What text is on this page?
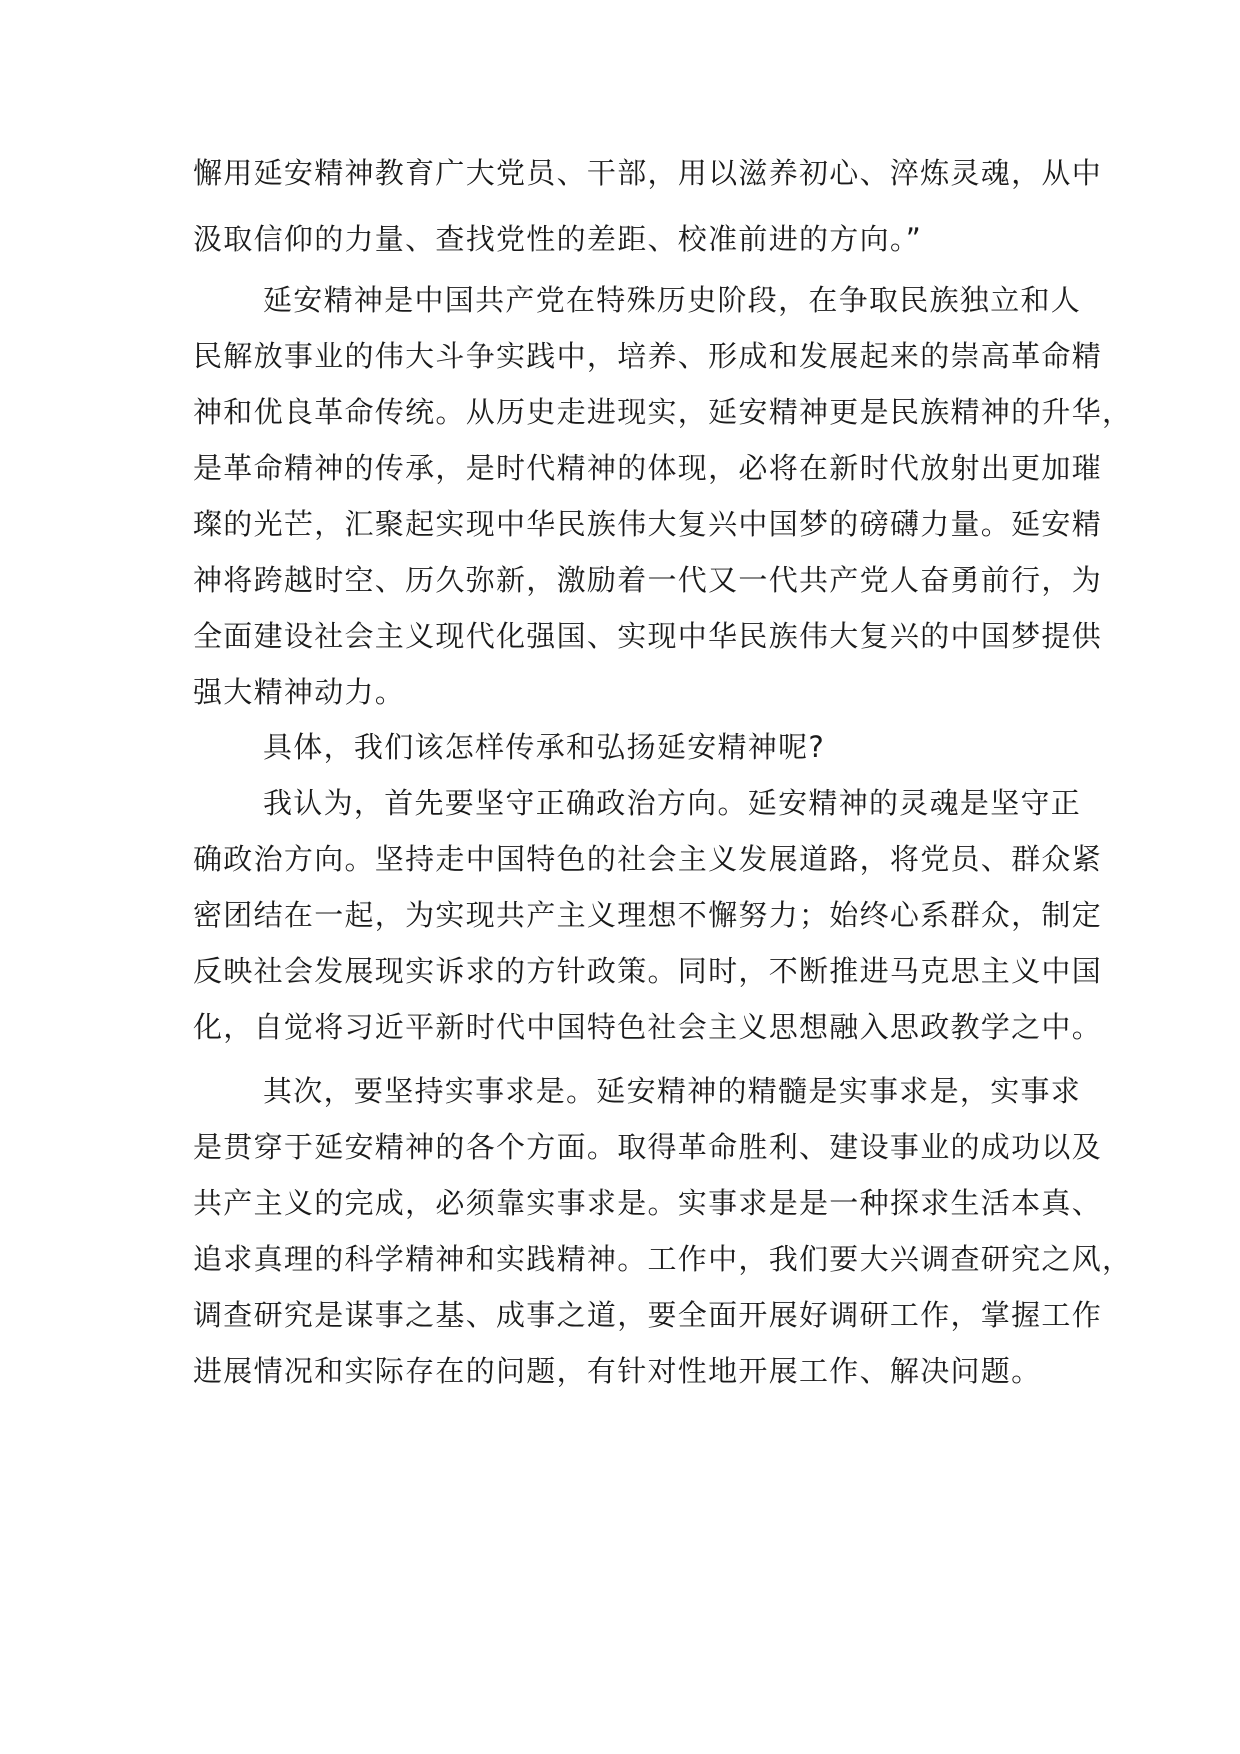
懈用延安精神教育广大党员、干部，用以滋养初心、淬炼灵魂，从中
汲取信仰的力量、查找党性的差距、校准前进的方向。”
延安精神是中国共产党在特殊历史阶段，在争取民族独立和人
民解放事业的伟大斗争实践中，培养、形成和发展起来的崇高革命精
神和优良革命传统。从历史走进现实，延安精神更是民族精神的升华，
是革命精神的传承，是时代精神的体现，必将在新时代放射出更加璀
璨的光芒，汇聚起实现中华民族伟大复兴中国梦的磅礴力量。延安精
神将跨越时空、历久弥新，激励着一代又一代共产党人奋勇前行，为
全面建设社会主义现代化强国、实现中华民族伟大复兴的中国梦提供
强大精神动力。
具体，我们该怎样传承和弘扬延安精神呢?
我认为，首先要坚守正确政治方向。延安精神的灵魂是坚守正
确政治方向。坚持走中国特色的社会主义发展道路，将党员、群众紧
密团结在一起，为实现共产主义理想不懈努力；始终心系群众，制定
反映社会发展现实诉求的方针政策。同时，不断推进马克思主义中国
化，自觉将习近平新时代中国特色社会主义思想融入思政教学之中。
其次，要坚持实事求是。延安精神的精髓是实事求是，实事求
是贯穿于延安精神的各个方面。取得革命胜利、建设事业的成功以及
共产主义的完成，必须靠实事求是。实事求是是一种探求生活本真、
追求真理的科学精神和实践精神。工作中，我们要大兴调查研究之风，
调查研究是谋事之基、成事之道，要全面开展好调研工作，掌握工作
进展情况和实际存在的问题，有针对性地开展工作、解决问题。
